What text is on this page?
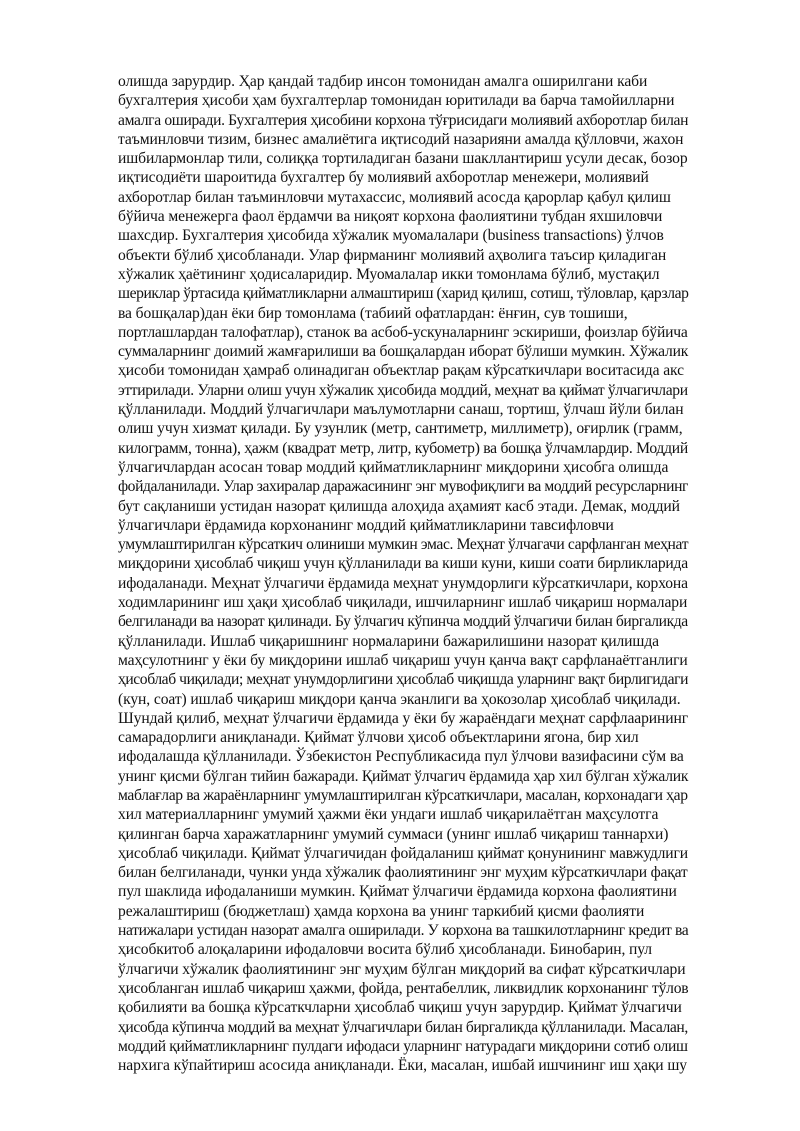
олишда зарурдир. Ҳар қандай тадбир инсон томонидан амалга оширилгани каби

бухгалтерия ҳисоби ҳам бухгалтерлар томонидан юритилади ва барча тамойилларни

амалга оширади. Бухгалтерия ҳисобини корхона тўғрисидаги молиявий ахборотлар билан

таъминловчи тизим, бизнес амалиётига иқтисодий назарияни амалда қўлловчи, жахон

ишбилармонлар тили, солиққа тортиладиган базани шакллантириш усули десак, бозор

иқтисодиёти шароитида бухгалтер бу молиявий ахборотлар менежери, молиявий

ахборотлар билан таъминловчи мутахассис, молиявий асосда қарорлар қабул қилиш

бўйича менежерга фаол ёрдамчи ва ниқоят корхона фаолиятини тубдан яхшиловчи

шахсдир. Бухгалтерия ҳисобида хўжалик муомалалари (business transactions) ўлчов

объекти бўлиб ҳисобланади. Улар фирманинг молиявий аҳволига таъсир қиладиган

хўжалик ҳаётининг ҳодисаларидир. Муомалалар икки томонлама бўлиб, мустақил

шериклар ўртасида қийматликларни алмаштириш (харид қилиш, сотиш, тўловлар, қарзлар

ва бошқалар)дан ёки бир томонлама (табиий офатлардан: ёнғин, сув тошиши,

портлашлардан талофатлар), станок ва асбоб-ускуналарнинг эскириши, фоизлар бўйича

суммаларнинг доимий жамғарилиши ва бошқалардан иборат бўлиши мумкин. Хўжалик

ҳисоби томонидан ҳамраб олинадиган объектлар рақам кўрсаткичлари воситасида акс

эттирилади. Уларни олиш учун хўжалик ҳисобида моддий, меҳнат ва қиймат ўлчагичлари

қўлланилади. Моддий ўлчагичлари маълумотларни санаш, тортиш, ўлчаш йўли билан

олиш учун хизмат қилади. Бу узунлик (метр, сантиметр, миллиметр), оғирлик (грамм,

килограмм, тонна), ҳажм (квадрат метр, литр, кубометр) ва бошқа ўлчамлардир. Моддий

ўлчагичлардан асосан товар моддий қийматликларнинг миқдорини ҳисобга олишда

фойдаланилади. Улар захиралар даражасининг энг мувофиқлиги ва моддий ресурсларнинг

бут сақланиши устидан назорат қилишда алоҳида аҳамият касб этади. Демак, моддий

ўлчагичлари ёрдамида корхонанинг моддий қийматликларини тавсифловчи

умумлаштирилган кўрсаткич олиниши мумкин эмас. Меҳнат ўлчагачи сарфланган меҳнат

миқдорини ҳисоблаб чиқиш учун қўлланилади ва киши куни, киши соати бирликларида

ифодаланади. Меҳнат ўлчагичи ёрдамида меҳнат унумдорлиги кўрсаткичлари, корхона

ходимларининг иш ҳақи ҳисоблаб чиқилади, ишчиларнинг ишлаб чиқариш нормалари

белгиланади ва назорат қилинади. Бу ўлчагич кўпинча моддий ўлчагичи билан биргаликда

қўлланилади. Ишлаб чиқаришнинг нормаларини бажарилишини назорат қилишда

маҳсулотнинг у ёки бу миқдорини ишлаб чиқариш учун қанча вақт сарфланаётганлиги

ҳисоблаб чиқилади; меҳнат унумдорлигини ҳисоблаб чиқишда уларнинг вақт бирлигидаги

(кун, соат) ишлаб чиқариш миқдори қанча эканлиги ва ҳокозолар ҳисоблаб чиқилади.

Шундай қилиб, меҳнат ўлчагичи ёрдамида у ёки бу жараёндаги меҳнат сарфлаарининг

самарадорлиги аниқланади. Қиймат ўлчови ҳисоб объектларини ягона, бир хил

ифодалашда қўлланилади. Ўзбекистон Республикасида пул ўлчови вазифасини сўм ва

унинг қисми бўлган тийин бажаради. Қиймат ўлчагич ёрдамида ҳар хил бўлган хўжалик

маблағлар ва жараёнларнинг умумлаштирилган кўрсаткичлари, масалан, корхонадаги ҳар

хил материалларнинг умумий ҳажми ёки ундаги ишлаб чиқарилаётган маҳсулотга

қилинган барча харажатларнинг умумий суммаси (унинг ишлаб чиқариш таннархи)

ҳисоблаб чиқилади. Қиймат ўлчагичидан фойдаланиш қиймат қонунининг мавжудлиги

билан белгиланади, чунки унда хўжалик фаолиятининг энг муҳим кўрсаткичлари фақат

пул шаклида ифодаланиши мумкин. Қиймат ўлчагичи ёрдамида корхона фаолиятини

режалаштириш (бюджетлаш) ҳамда корхона ва унинг таркибий қисми фаолияти

натижалари устидан назорат амалга оширилади. У корхона ва ташкилотларнинг кредит ва

ҳисобкитоб алоқаларини ифодаловчи восита бўлиб ҳисобланади. Бинобарин, пул

ўлчагичи хўжалик фаолиятининг энг муҳим бўлган миқдорий ва сифат кўрсаткичлари

ҳисобланган ишлаб чиқариш ҳажми, фойда, рентабеллик, ликвидлик корхонанинг тўлов

қобилияти ва бошқа кўрсаткчларни ҳисоблаб чиқиш учун зарурдир. Қиймат ўлчагичи

ҳисобда кўпинча моддий ва меҳнат ўлчагичлари билан биргаликда қўлланилади. Масалан,

моддий қийматликларнинг пулдаги ифодаси уларнинг натурадаги миқдорини сотиб олиш

нархига кўпайтириш асосида аниқланади. Ёки, масалан, ишбай ишчининг иш ҳақи шу
